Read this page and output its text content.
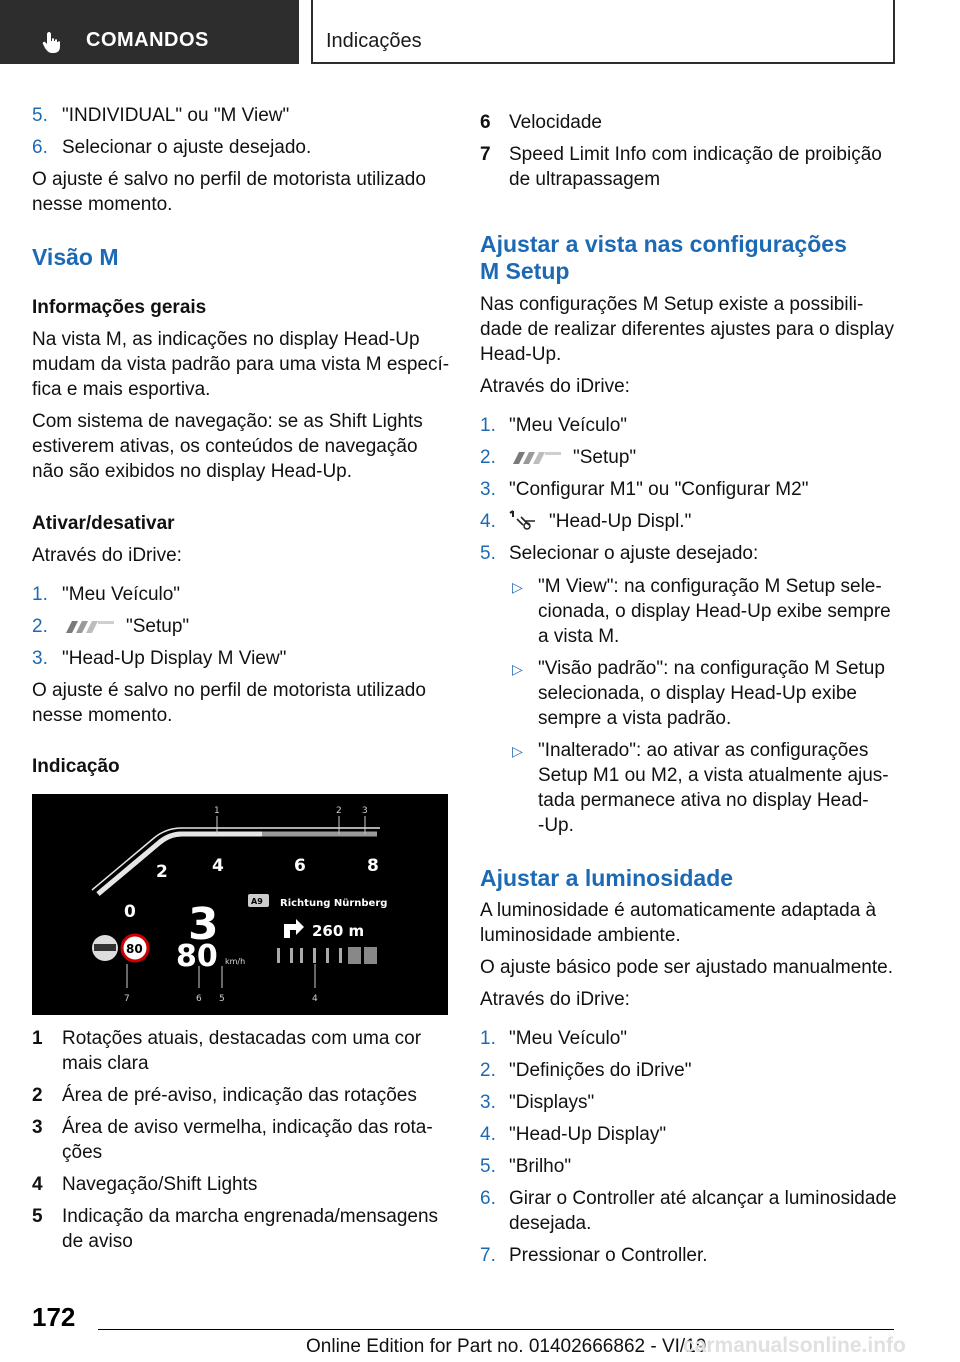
COMANDOS	Indicações
5. "INDIVIDUAL" ou "M View"
6. Selecionar o ajuste desejado.
O ajuste é salvo no perfil de motorista utilizado
nesse momento.
Visão M
Informações gerais
Na vista M, as indicações no display Head-Up
mudam da vista padrão para uma vista M especí-
fica e mais esportiva.
Com sistema de navegação: se as Shift Lights
estiverem ativas, os conteúdos de navegação
não são exibidos no display Head-Up.
Ativar/desativar
Através do iDrive:
1. "Meu Veículo"
2.	"Setup"
3. "Head-Up Display M View"
O ajuste é salvo no perfil de motorista utilizado
nesse momento.
Indicação
1	2 3
7	6 5	4
0
2	4	6	8
3
80 km/h
80
A9 Richtung Nürnberg
260 m
1 Rotações atuais, destacadas com uma cor
mais clara
2 Área de pré-aviso, indicação das rotações
3 Área de aviso vermelha, indicação das rota-
ções
4 Navegação/Shift Lights
5 Indicação da marcha engrenada/mensagens
de aviso
6 Velocidade
7 Speed Limit Info com indicação de proibição
de ultrapassagem
Ajustar a vista nas configurações
M Setup
Nas configurações M Setup existe a possibili-
dade de realizar diferentes ajustes para o display
Head-Up.
Através do iDrive:
1. "Meu Veículo"
2.	"Setup"
3. "Configurar M1" ou "Configurar M2"
4.	"Head-Up Displ."
5. Selecionar o ajuste desejado:
▷ "M View": na configuração M Setup sele-
cionada, o display Head-Up exibe sempre
a vista M.
▷ "Visão padrão": na configuração M Setup
selecionada, o display Head-Up exibe
sempre a vista padrão.
▷ "Inalterado": ao ativar as configurações
Setup M1 ou M2, a vista atualmente ajus-
tada permanece ativa no display Head-
-Up.
Ajustar a luminosidade
A luminosidade é automaticamente adaptada à
luminosidade ambiente.
O ajuste básico pode ser ajustado manualmente.
Através do iDrive:
1. "Meu Veículo"
2. "Definições do iDrive"
3. "Displays"
4. "Head-Up Display"
5. "Brilho"
6. Girar o Controller até alcançar a luminosidade
desejada.
7. Pressionar o Controller.
172
Online Edition for Part no. 01402666862 - VI/19
carmanualsonline.info
